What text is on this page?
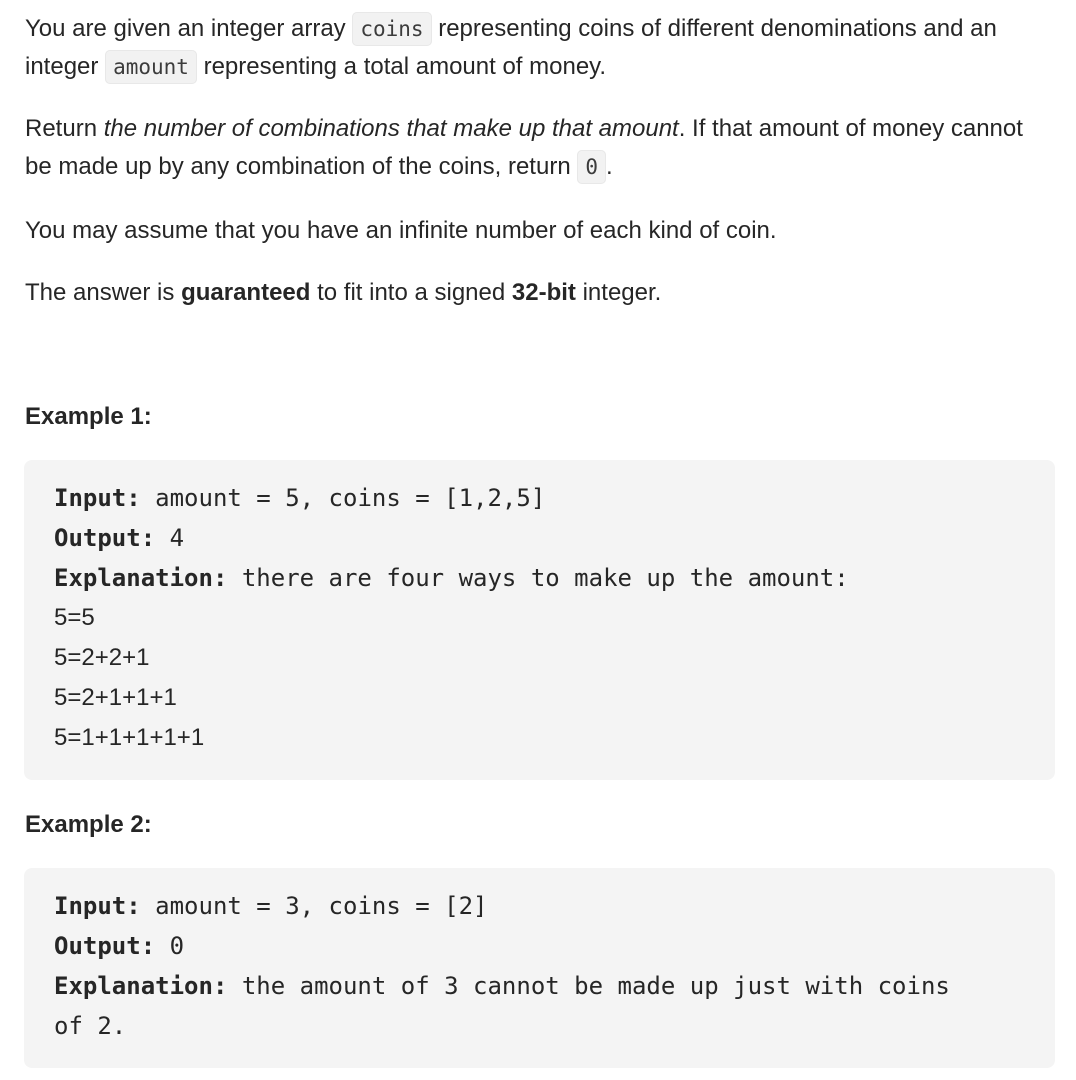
You are given an integer array coins representing coins of different denominations and an integer amount representing a total amount of money.

Return the number of combinations that make up that amount. If that amount of money cannot be made up by any combination of the coins, return 0 .

You may assume that you have an infinite number of each kind of coin.

The answer is guaranteed to fit into a signed 32-bit integer.

Example 1:
Input: amount = 5, coins = [1,2,5]
Output: 4
Explanation: there are four ways to make up the amount:
5=5
5=2+2+1
5=2+1+1+1
5=1+1+1+1+1
Example 2:
Input: amount = 3, coins = [2]
Output: 0
Explanation: the amount of 3 cannot be made up just with coins
of 2.
